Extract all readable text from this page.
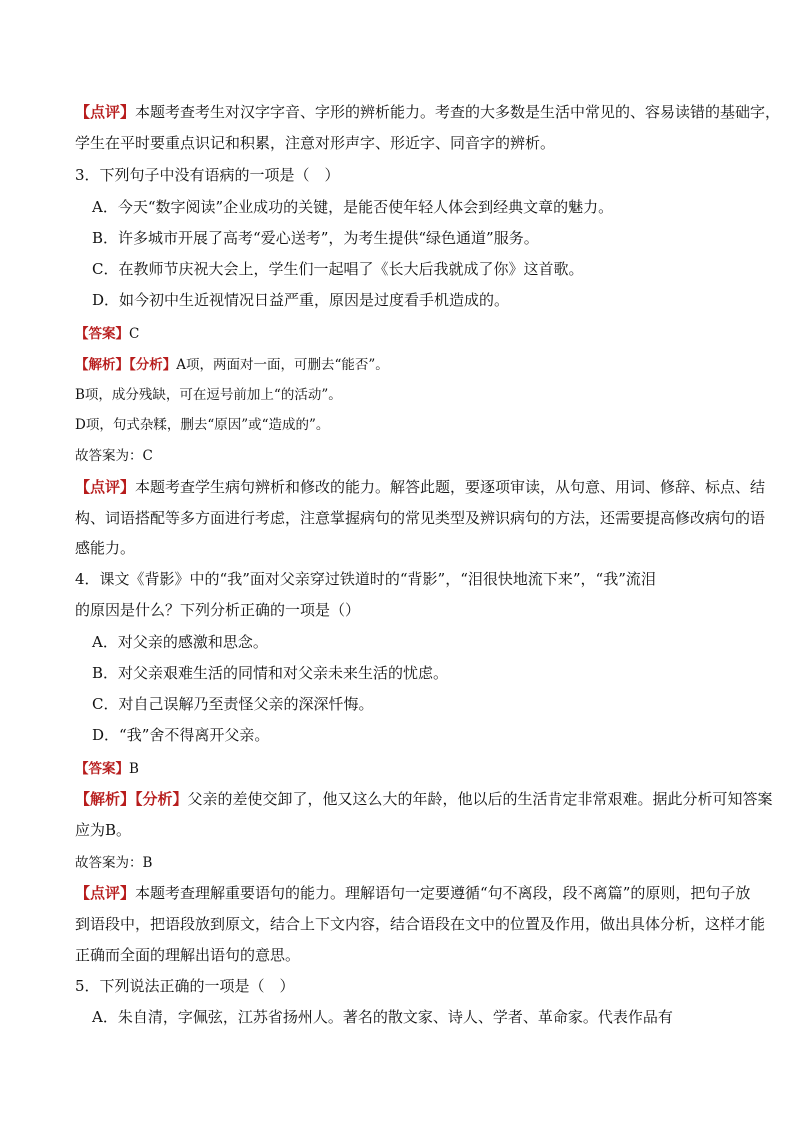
【点评】本题考查考生对汉字字音、字形的辨析能力。考查的大多数是生活中常见的、容易读错的基础字，
学生在平时要重点识记和积累，注意对形声字、形近字、同音字的辨析。
3．下列句子中没有语病的一项是（　）
A．今天“数字阅读”企业成功的关键，是能否使年轻人体会到经典文章的魅力。
B．许多城市开展了高考“爱心送考”，为考生提供“绿色通道”服务。
C．在教师节庆祝大会上，学生们一起唱了《长大后我就成了你》这首歌。
D．如今初中生近视情况日益严重，原因是过度看手机造成的。
【答案】C
【解析】【分析】A项，两面对一面，可删去“能否”。
B项，成分残缺，可在逗号前加上“的活动”。
D项，句式杂糅，删去“原因”或“造成的”。
故答案为：C
【点评】本题考查学生病句辨析和修改的能力。解答此题，要逐项审读，从句意、用词、修辞、标点、结
构、词语搭配等多方面进行考虑，注意掌握病句的常见类型及辨识病句的方法，还需要提高修改病句的语
感能力。
4．课文《背影》中的“我”面对父亲穿过铁道时的“背影”，“泪很快地流下来”，“我”流泪
的原因是什么？下列分析正确的一项是（）
A．对父亲的感激和思念。
B．对父亲艰难生活的同情和对父亲未来生活的忧虑。
C．对自己误解乃至责怪父亲的深深忏悔。
D．“我”舍不得离开父亲。
【答案】B
【解析】【分析】父亲的差使交卸了，他又这么大的年龄，他以后的生活肯定非常艰难。据此分析可知答案
应为B。
故答案为：B
【点评】本题考查理解重要语句的能力。理解语句一定要遵循“句不离段，段不离篇”的原则，把句子放
到语段中，把语段放到原文，结合上下文内容，结合语段在文中的位置及作用，做出具体分析，这样才能
正确而全面的理解出语句的意思。
5．下列说法正确的一项是（　）
A．朱自清，字佩弦，江苏省扬州人。著名的散文家、诗人、学者、革命家。代表作品有
